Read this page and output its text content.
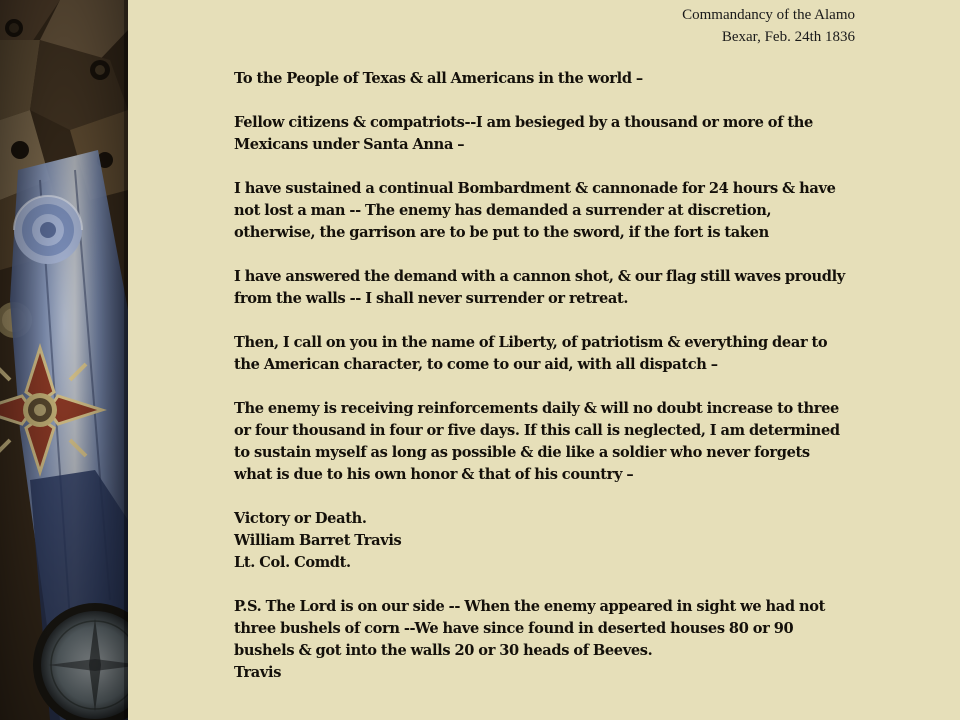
Commandancy of the Alamo
Bexar, Feb. 24th 1836

To the People of Texas & all Americans in the world –

Fellow citizens & compatriots--I am besieged by a thousand or more of the

Mexicans under Santa Anna –

I have sustained a continual Bombardment & cannonade for 24 hours & have

not lost a man -- The enemy has demanded a surrender at discretion,

otherwise, the garrison are to be put to the sword, if the fort is taken

I have answered the demand with a cannon shot, & our flag still waves proudly

from the walls -- I shall never surrender or retreat.

Then, I call on you in the name of Liberty, of patriotism & everything dear to

the American character, to come to our aid, with all dispatch –

The enemy is receiving reinforcements daily & will no doubt increase to three

or four thousand in four or five days. If this call is neglected, I am determined

to sustain myself as long as possible & die like a soldier who never forgets

what is due to his own honor & that of his country –

Victory or Death.

William Barret Travis

Lt. Col. Comdt.

P.S. The Lord is on our side -- When the enemy appeared in sight we had not

three bushels of corn --We have since found in deserted houses 80 or 90

bushels & got into the walls 20 or 30 heads of Beeves.

Travis
